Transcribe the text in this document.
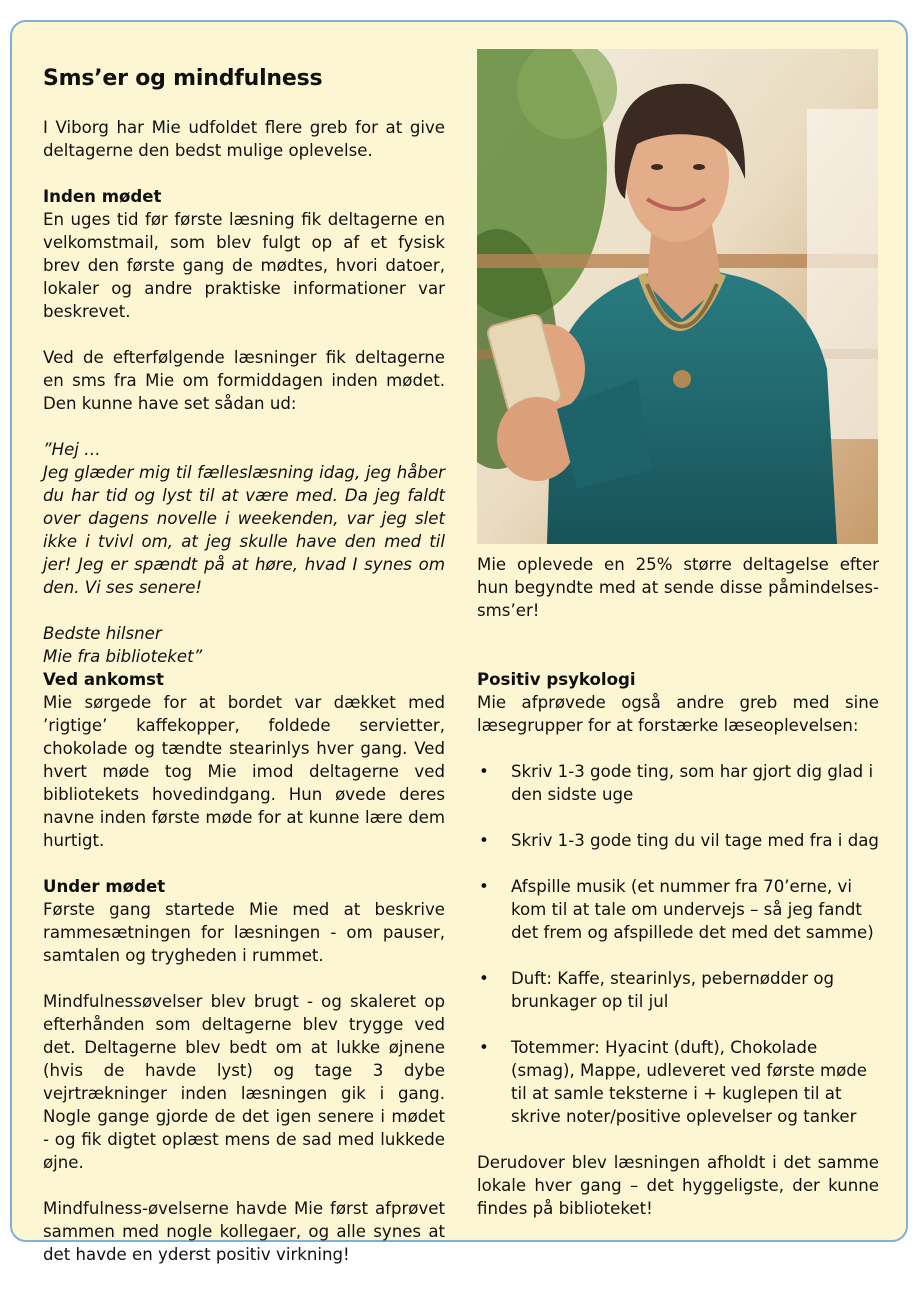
Sms’er og mindfulness

I Viborg har Mie udfoldet flere greb for at give deltagerne den bedst mulige oplevelse.

Inden mødet

En uges tid før første læsning fik deltagerne en velkomstmail, som blev fulgt op af et fysisk brev den første gang de mødtes, hvori datoer, lokaler og andre praktiske informationer var beskrevet.

Ved de efterfølgende læsninger fik deltagerne en sms fra Mie om formiddagen inden mødet. Den kunne have set sådan ud:

”Hej …

Jeg glæder mig til fælleslæsning idag, jeg håber du har tid og lyst til at være med. Da jeg faldt over dagens novelle i weekenden, var jeg slet ikke i tvivl om, at jeg skulle have den med til jer! Jeg er spændt på at høre, hvad I synes om den. Vi ses senere!

Bedste hilsner

Mie fra biblioteket”

Mie oplevede en 25% større deltagelse efter hun begyndte med at sende disse påmindelses-sms’er!
Ved ankomst

Mie sørgede for at bordet var dækket med ’rigtige’ kaffekopper, foldede servietter, chokolade og tændte stearinlys hver gang. Ved hvert møde tog Mie imod deltagerne ved bibliotekets hovedindgang. Hun øvede deres navne inden første møde for at kunne lære dem hurtigt.

Under mødet

Første gang startede Mie med at beskrive rammesætningen for læsningen - om pauser, samtalen og trygheden i rummet.

Mindfulnessøvelser blev brugt - og skaleret op efterhånden som deltagerne blev trygge ved det. Deltagerne blev bedt om at lukke øjnene (hvis de havde lyst) og tage 3 dybe vejrtrækninger inden læsningen gik i gang. Nogle gange gjorde de det igen senere i mødet - og fik digtet oplæst mens de sad med lukkede øjne.

Mindfulness-øvelserne havde Mie først afprøvet sammen med nogle kollegaer, og alle synes at det havde en yderst positiv virkning!

Positiv psykologi

Mie afprøvede også andre greb med sine læsegrupper for at forstærke læseoplevelsen:

• Skriv 1-3 gode ting, som har gjort dig glad i den sidste uge
• Skriv 1-3 gode ting du vil tage med fra i dag
• Afspille musik (et nummer fra 70’erne, vi kom til at tale om undervejs – så jeg fandt det frem og afspillede det med det samme)
• Duft: Kaffe, stearinlys, pebernødder og brunkager op til jul
• Totemmer: Hyacint (duft), Chokolade (smag), Mappe, udleveret ved første møde til at samle teksterne i + kuglepen til at skrive noter/positive oplevelser og tanker

Derudover blev læsningen afholdt i det samme lokale hver gang – det hyggeligste, der kunne findes på biblioteket!
